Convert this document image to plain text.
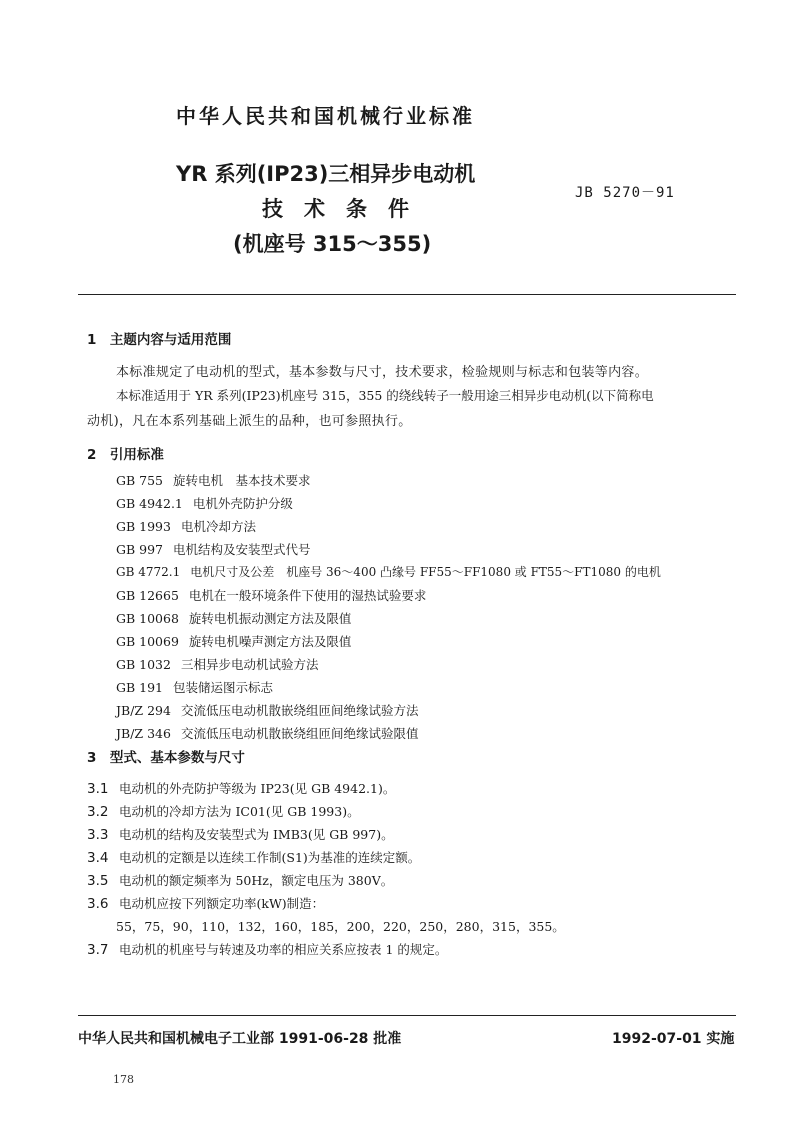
中华人民共和国机械行业标准
YR 系列(IP23)三相异步电动机
技　术　条　件
(机座号 315～355)
JB 5270－91
1　主题内容与适用范围
本标准规定了电动机的型式，基本参数与尺寸，技术要求，检验规则与标志和包装等内容。
本标准适用于 YR 系列(IP23)机座号 315，355 的绕线转子一般用途三相异步电动机(以下简称电
动机)，凡在本系列基础上派生的品种，也可参照执行。
2　引用标准
GB 755 旋转电机　基本技术要求
GB 4942.1 电机外壳防护分级
GB 1993 电机冷却方法
GB 997 电机结构及安装型式代号
GB 4772.1 电机尺寸及公差　机座号 36～400 凸缘号 FF55～FF1080 或 FT55～FT1080 的电机
GB 12665 电机在一般环境条件下使用的湿热试验要求
GB 10068 旋转电机振动测定方法及限值
GB 10069 旋转电机噪声测定方法及限值
GB 1032 三相异步电动机试验方法
GB 191 包装储运图示标志
JB/Z 294 交流低压电动机散嵌绕组匝间绝缘试验方法
JB/Z 346 交流低压电动机散嵌绕组匝间绝缘试验限值
3　型式、基本参数与尺寸
3.1 电动机的外壳防护等级为 IP23(见 GB 4942.1)。
3.2 电动机的冷却方法为 IC01(见 GB 1993)。
3.3 电动机的结构及安装型式为 IMB3(见 GB 997)。
3.4 电动机的定额是以连续工作制(S1)为基准的连续定额。
3.5 电动机的额定频率为 50Hz，额定电压为 380V。
3.6 电动机应按下列额定功率(kW)制造：
55，75，90，110，132，160，185，200，220，250，280，315，355。
3.7 电动机的机座号与转速及功率的相应关系应按表 1 的规定。
中华人民共和国机械电子工业部 1991-06-28 批准	1992-07-01 实施
178
